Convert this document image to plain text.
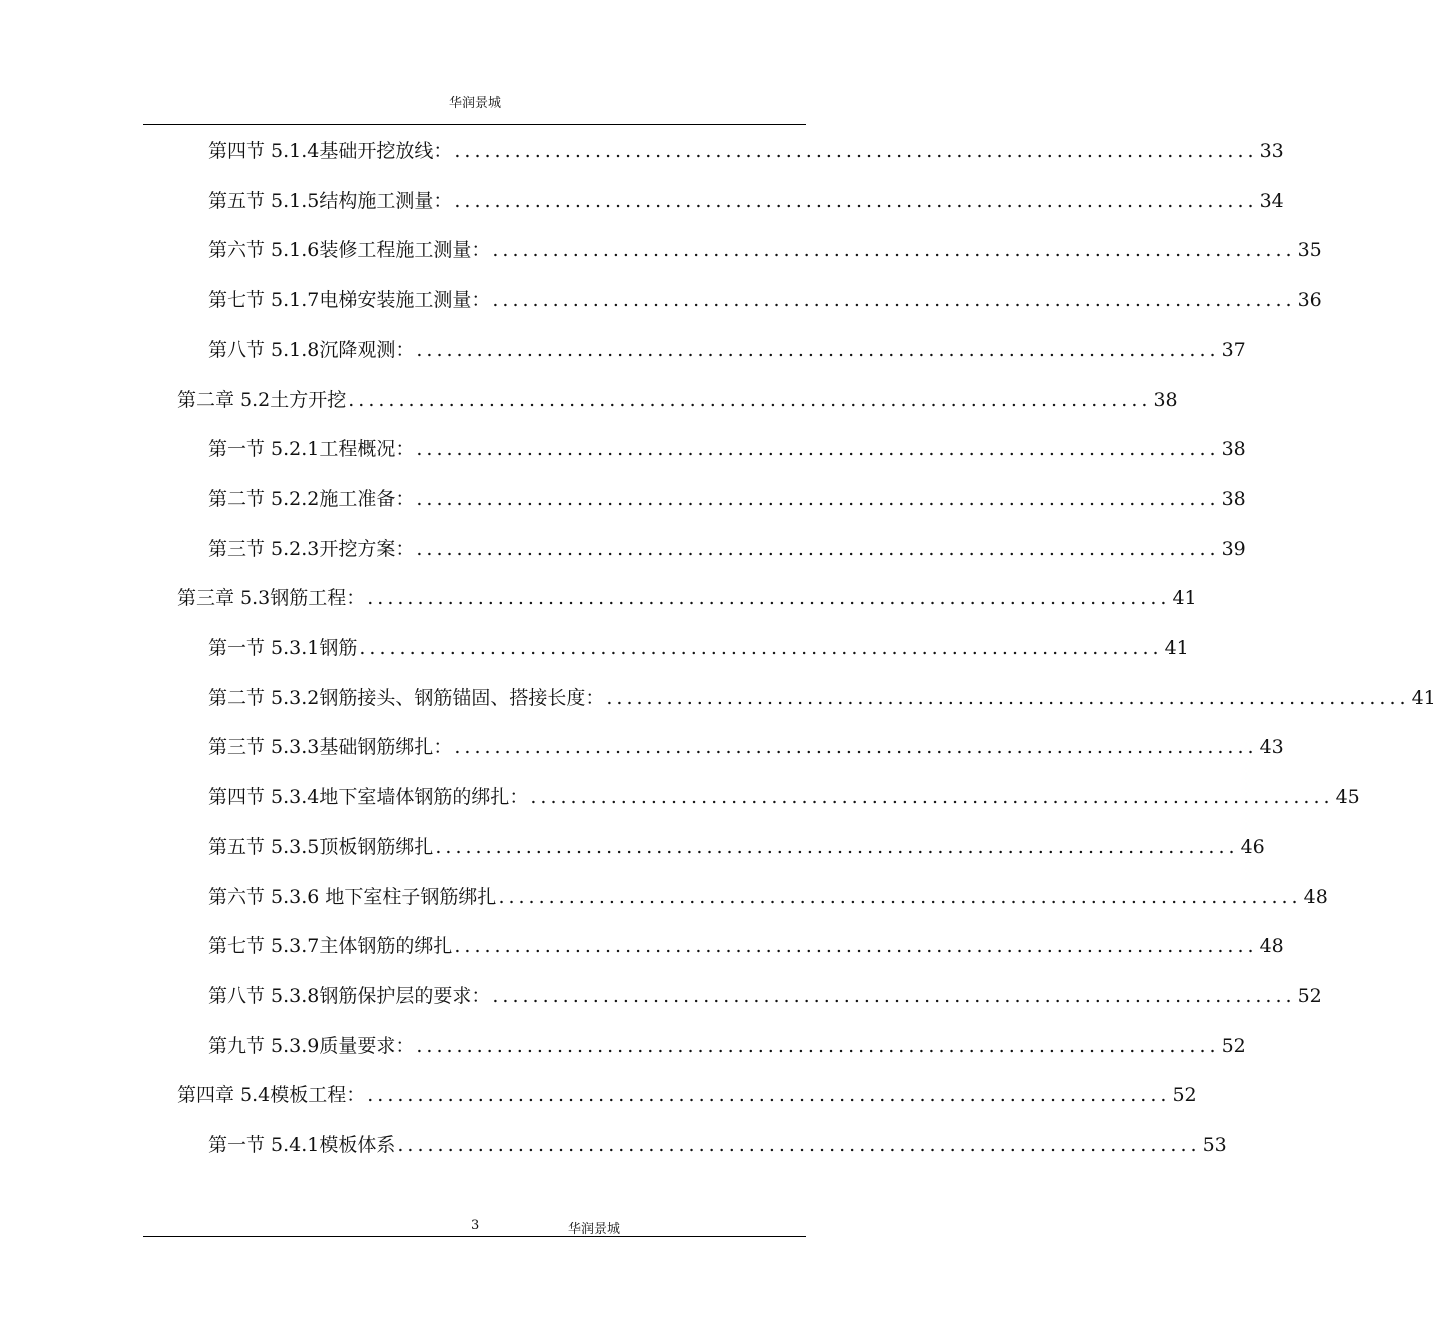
华润景城
第四节 5.1.4基础开挖放线： ................................................................................ 33
第五节 5.1.5结构施工测量： ................................................................................ 34
第六节 5.1.6装修工程施工测量： ................................................................................ 35
第七节 5.1.7电梯安装施工测量： ................................................................................ 36
第八节 5.1.8沉降观测： ................................................................................ 37
第二章 5.2土方开挖 ................................................................................ 38
第一节 5.2.1工程概况： ................................................................................ 38
第二节 5.2.2施工准备： ................................................................................ 38
第三节 5.2.3开挖方案： ................................................................................ 39
第三章 5.3钢筋工程： ................................................................................ 41
第一节 5.3.1钢筋 ................................................................................ 41
第二节 5.3.2钢筋接头、钢筋锚固、搭接长度： ................................................................................ 41
第三节 5.3.3基础钢筋绑扎： ................................................................................ 43
第四节 5.3.4地下室墙体钢筋的绑扎： ................................................................................ 45
第五节 5.3.5顶板钢筋绑扎 ................................................................................ 46
第六节 5.3.6 地下室柱子钢筋绑扎 ................................................................................ 48
第七节 5.3.7主体钢筋的绑扎 ................................................................................ 48
第八节 5.3.8钢筋保护层的要求： ................................................................................ 52
第九节 5.3.9质量要求： ................................................................................ 52
第四章 5.4模板工程： ................................................................................ 52
第一节 5.4.1模板体系 ................................................................................ 53
3	华润景城
